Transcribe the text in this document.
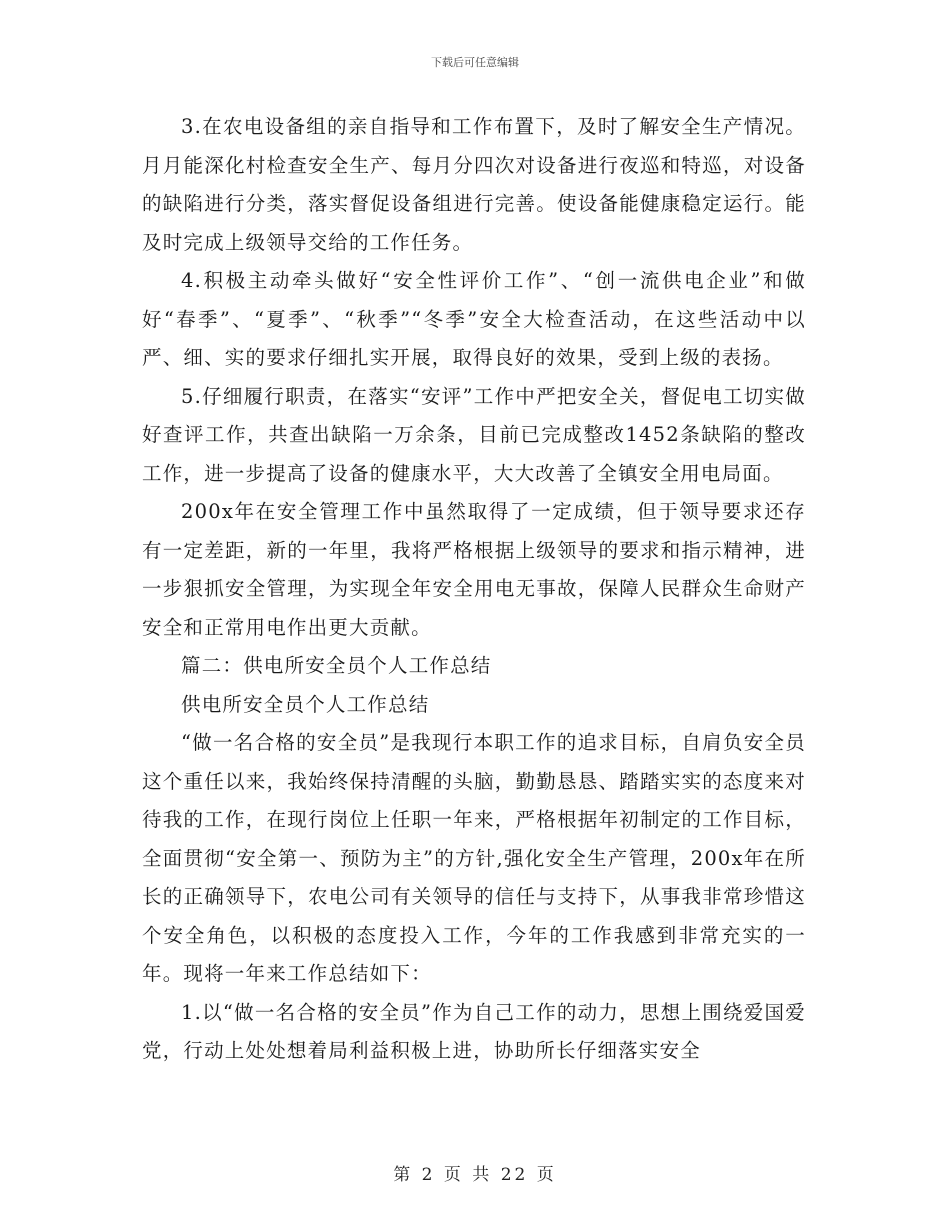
下载后可任意编辑

3.在农电设备组的亲自指导和工作布置下，及时了解安全生产情况。月月能深化村检查安全生产、每月分四次对设备进行夜巡和特巡，对设备的缺陷进行分类，落实督促设备组进行完善。使设备能健康稳定运行。能及时完成上级领导交给的工作任务。

4.积极主动牵头做好“安全性评价工作”、“创一流供电企业”和做好“春季”、“夏季”、“秋季”“冬季”安全大检查活动，在这些活动中以严、细、实的要求仔细扎实开展，取得良好的效果，受到上级的表扬。

5.仔细履行职责，在落实“安评”工作中严把安全关，督促电工切实做好查评工作，共查出缺陷一万余条，目前已完成整改1452条缺陷的整改工作，进一步提高了设备的健康水平，大大改善了全镇安全用电局面。

200x年在安全管理工作中虽然取得了一定成绩，但于领导要求还存有一定差距，新的一年里，我将严格根据上级领导的要求和指示精神，进一步狠抓安全管理，为实现全年安全用电无事故，保障人民群众生命财产安全和正常用电作出更大贡献。

篇二：供电所安全员个人工作总结

供电所安全员个人工作总结

“做一名合格的安全员”是我现行本职工作的追求目标，自肩负安全员这个重任以来，我始终保持清醒的头脑，勤勤恳恳、踏踏实实的态度来对待我的工作，在现行岗位上任职一年来，严格根据年初制定的工作目标，全面贯彻“安全第一、预防为主”的方针,强化安全生产管理，200x年在所长的正确领导下，农电公司有关领导的信任与支持下，从事我非常珍惜这个安全角色，以积极的态度投入工作，今年的工作我感到非常充实的一年。现将一年来工作总结如下：

1.以“做一名合格的安全员”作为自己工作的动力，思想上围绕爱国爱党，行动上处处想着局利益积极上进，协助所长仔细落实安全

第 2 页 共 22 页
